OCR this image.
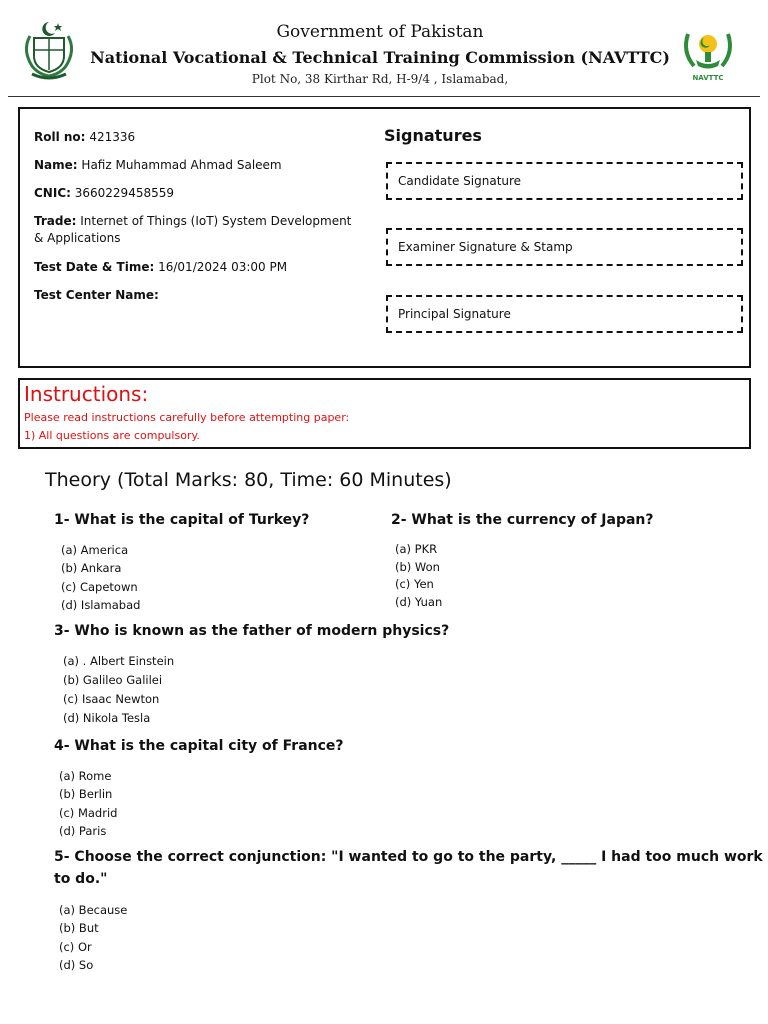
Government of Pakistan
National Vocational & Technical Training Commission (NAVTTC)
Plot No, 38 Kirthar Rd, H-9/4 , Islamabad,	NAVTTC
Roll no: 421336
Name: Hafiz Muhammad Ahmad Saleem
CNIC: 3660229458559
Trade: Internet of Things (IoT) System Development & Applications
Test Date & Time: 16/01/2024 03:00 PM
Test Center Name:
Signatures
Candidate Signature
Examiner Signature & Stamp
Principal Signature
Instructions:
Please read instructions carefully before attempting paper:
1) All questions are compulsory.
Theory (Total Marks: 80, Time: 60 Minutes)
1- What is the capital of Turkey?
(a) America
(b) Ankara
(c) Capetown
(d) Islamabad
2- What is the currency of Japan?
(a) PKR
(b) Won
(c) Yen
(d) Yuan
3- Who is known as the father of modern physics?
(a) . Albert Einstein
(b) Galileo Galilei
(c) Isaac Newton
(d) Nikola Tesla
4- What is the capital city of France?
(a) Rome
(b) Berlin
(c) Madrid
(d) Paris
5- Choose the correct conjunction: "I wanted to go to the party, _____ I had too much work to do."
(a) Because
(b) But
(c) Or
(d) So
